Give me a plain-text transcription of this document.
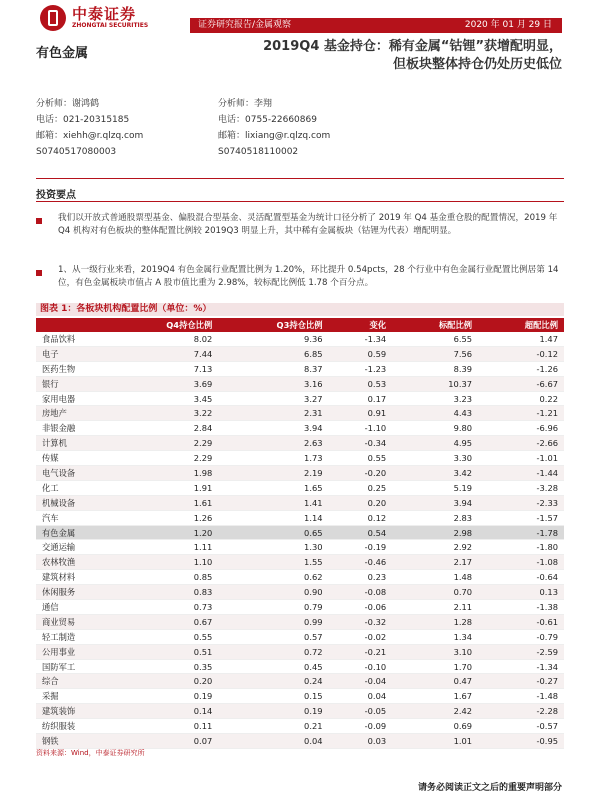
中泰证券
ZHONGTAI SECURITIES	证券研究报告/金属观察	2020 年 01 月 29 日
有色金属	2019Q4 基金持仓：稀有金属“钴锂”获增配明显，
但板块整体持仓仍处历史低位
分析师：谢鸿鹤
电话：021-20315185
邮箱：xiehh@r.qlzq.com
S0740517080003
分析师：李翔
电话：0755-22660869
邮箱：lixiang@r.qlzq.com
S0740518110002
投资要点
我们以开放式普通股票型基金、偏股混合型基金、灵活配置型基金为统计口径分析了 2019 年 Q4 基金重仓股的配置情况，2019 年 Q4 机构对有色板块的整体配置比例较 2019Q3 明显上升，其中稀有金属板块（钴锂为代表）增配明显。
1、从一级行业来看，2019Q4 有色金属行业配置比例为 1.20%，环比提升 0.54pcts，28 个行业中有色金属行业配置比例居第 14 位，有色金属板块市值占 A 股市值比重为 2.98%，较标配比例低 1.78 个百分点。
图表 1：各板块机构配置比例（单位：%）
	Q4持仓比例	Q3持仓比例	变化	标配比例	超配比例
食品饮料	8.02	9.36	-1.34	6.55	1.47
电子	7.44	6.85	0.59	7.56	-0.12
医药生物	7.13	8.37	-1.23	8.39	-1.26
银行	3.69	3.16	0.53	10.37	-6.67
家用电器	3.45	3.27	0.17	3.23	0.22
房地产	3.22	2.31	0.91	4.43	-1.21
非银金融	2.84	3.94	-1.10	9.80	-6.96
计算机	2.29	2.63	-0.34	4.95	-2.66
传媒	2.29	1.73	0.55	3.30	-1.01
电气设备	1.98	2.19	-0.20	3.42	-1.44
化工	1.91	1.65	0.25	5.19	-3.28
机械设备	1.61	1.41	0.20	3.94	-2.33
汽车	1.26	1.14	0.12	2.83	-1.57
有色金属	1.20	0.65	0.54	2.98	-1.78
交通运输	1.11	1.30	-0.19	2.92	-1.80
农林牧渔	1.10	1.55	-0.46	2.17	-1.08
建筑材料	0.85	0.62	0.23	1.48	-0.64
休闲服务	0.83	0.90	-0.08	0.70	0.13
通信	0.73	0.79	-0.06	2.11	-1.38
商业贸易	0.67	0.99	-0.32	1.28	-0.61
轻工制造	0.55	0.57	-0.02	1.34	-0.79
公用事业	0.51	0.72	-0.21	3.10	-2.59
国防军工	0.35	0.45	-0.10	1.70	-1.34
综合	0.20	0.24	-0.04	0.47	-0.27
采掘	0.19	0.15	0.04	1.67	-1.48
建筑装饰	0.14	0.19	-0.05	2.42	-2.28
纺织服装	0.11	0.21	-0.09	0.69	-0.57
钢铁	0.07	0.04	0.03	1.01	-0.95
资料来源：Wind，中泰证券研究所
请务必阅读正文之后的重要声明部分
